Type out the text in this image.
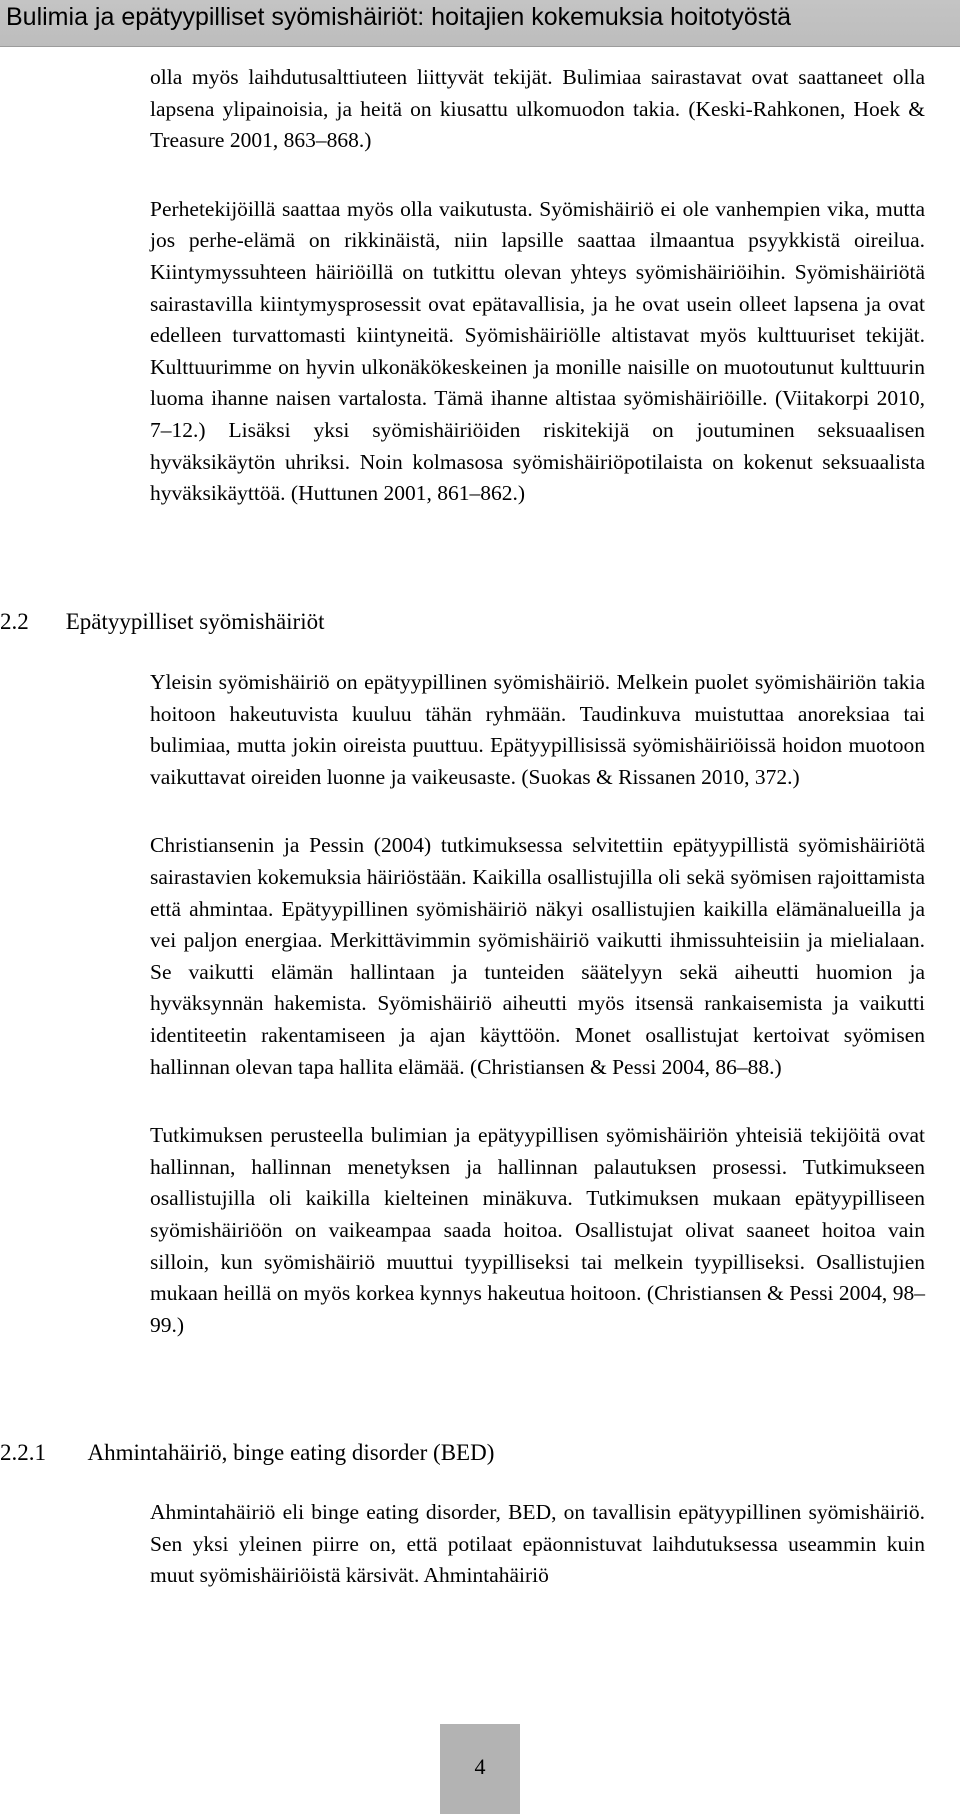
Bulimia ja epätyypilliset syömishäiriöt: hoitajien kokemuksia hoitotyöstä

olla myös laihdutusalttiuteen liittyvät tekijät. Bulimiaa sairastavat ovat saattaneet olla lapsena ylipainoisia, ja heitä on kiusattu ulkomuodon takia. (Keski-Rahkonen, Hoek & Treasure 2001, 863–868.)

Perhetekijöillä saattaa myös olla vaikutusta. Syömishäiriö ei ole vanhempien vika, mutta jos perhe-elämä on rikkinäistä, niin lapsille saattaa ilmaantua psyykkistä oireilua. Kiintymyssuhteen häiriöillä on tutkittu olevan yhteys syömishäiriöihin. Syömishäiriötä sairastavilla kiintymysprosessit ovat epätavallisia, ja he ovat usein olleet lapsena ja ovat edelleen turvattomasti kiintyneitä. Syömishäiriölle altistavat myös kulttuuriset tekijät. Kulttuurimme on hyvin ulkonäkökeskeinen ja monille naisille on muotoutunut kulttuurin luoma ihanne naisen vartalosta. Tämä ihanne altistaa syömishäiriöille. (Viitakorpi 2010, 7–12.) Lisäksi yksi syömishäiriöiden riskitekijä on joutuminen seksuaalisen hyväksikäytön uhriksi. Noin kolmasosa syömishäiriöpotilaista on kokenut seksuaalista hyväksikäyttöä. (Huttunen 2001, 861–862.)

2.2 Epätyypilliset syömishäiriöt

Yleisin syömishäiriö on epätyypillinen syömishäiriö. Melkein puolet syömishäiriön takia hoitoon hakeutuvista kuuluu tähän ryhmään. Taudinkuva muistuttaa anoreksiaa tai bulimiaa, mutta jokin oireista puuttuu. Epätyypillisissä syömishäiriöissä hoidon muotoon vaikuttavat oireiden luonne ja vaikeusaste. (Suokas & Rissanen 2010, 372.)

Christiansenin ja Pessin (2004) tutkimuksessa selvitettiin epätyypillistä syömishäiriötä sairastavien kokemuksia häiriöstään. Kaikilla osallistujilla oli sekä syömisen rajoittamista että ahmintaa. Epätyypillinen syömishäiriö näkyi osallistujien kaikilla elämänalueilla ja vei paljon energiaa. Merkittävimmin syömishäiriö vaikutti ihmissuhteisiin ja mielialaan. Se vaikutti elämän hallintaan ja tunteiden säätelyyn sekä aiheutti huomion ja hyväksynnän hakemista. Syömishäiriö aiheutti myös itsensä rankaisemista ja vaikutti identiteetin rakentamiseen ja ajan käyttöön. Monet osallistujat kertoivat syömisen hallinnan olevan tapa hallita elämää. (Christiansen & Pessi 2004, 86–88.)

Tutkimuksen perusteella bulimian ja epätyypillisen syömishäiriön yhteisiä tekijöitä ovat hallinnan, hallinnan menetyksen ja hallinnan palautuksen prosessi. Tutkimukseen osallistujilla oli kaikilla kielteinen minäkuva. Tutkimuksen mukaan epätyypilliseen syömishäiriöön on vaikeampaa saada hoitoa. Osallistujat olivat saaneet hoitoa vain silloin, kun syömishäiriö muuttui tyypilliseksi tai melkein tyypilliseksi. Osallistujien mukaan heillä on myös korkea kynnys hakeutua hoitoon. (Christiansen & Pessi 2004, 98–99.)

2.2.1 Ahmintahäiriö, binge eating disorder (BED)

Ahmintahäiriö eli binge eating disorder, BED, on tavallisin epätyypillinen syömishäiriö. Sen yksi yleinen piirre on, että potilaat epäonnistuvat laihdutuksessa useammin kuin muut syömishäiriöistä kärsivät. Ahmintahäiriö

4
